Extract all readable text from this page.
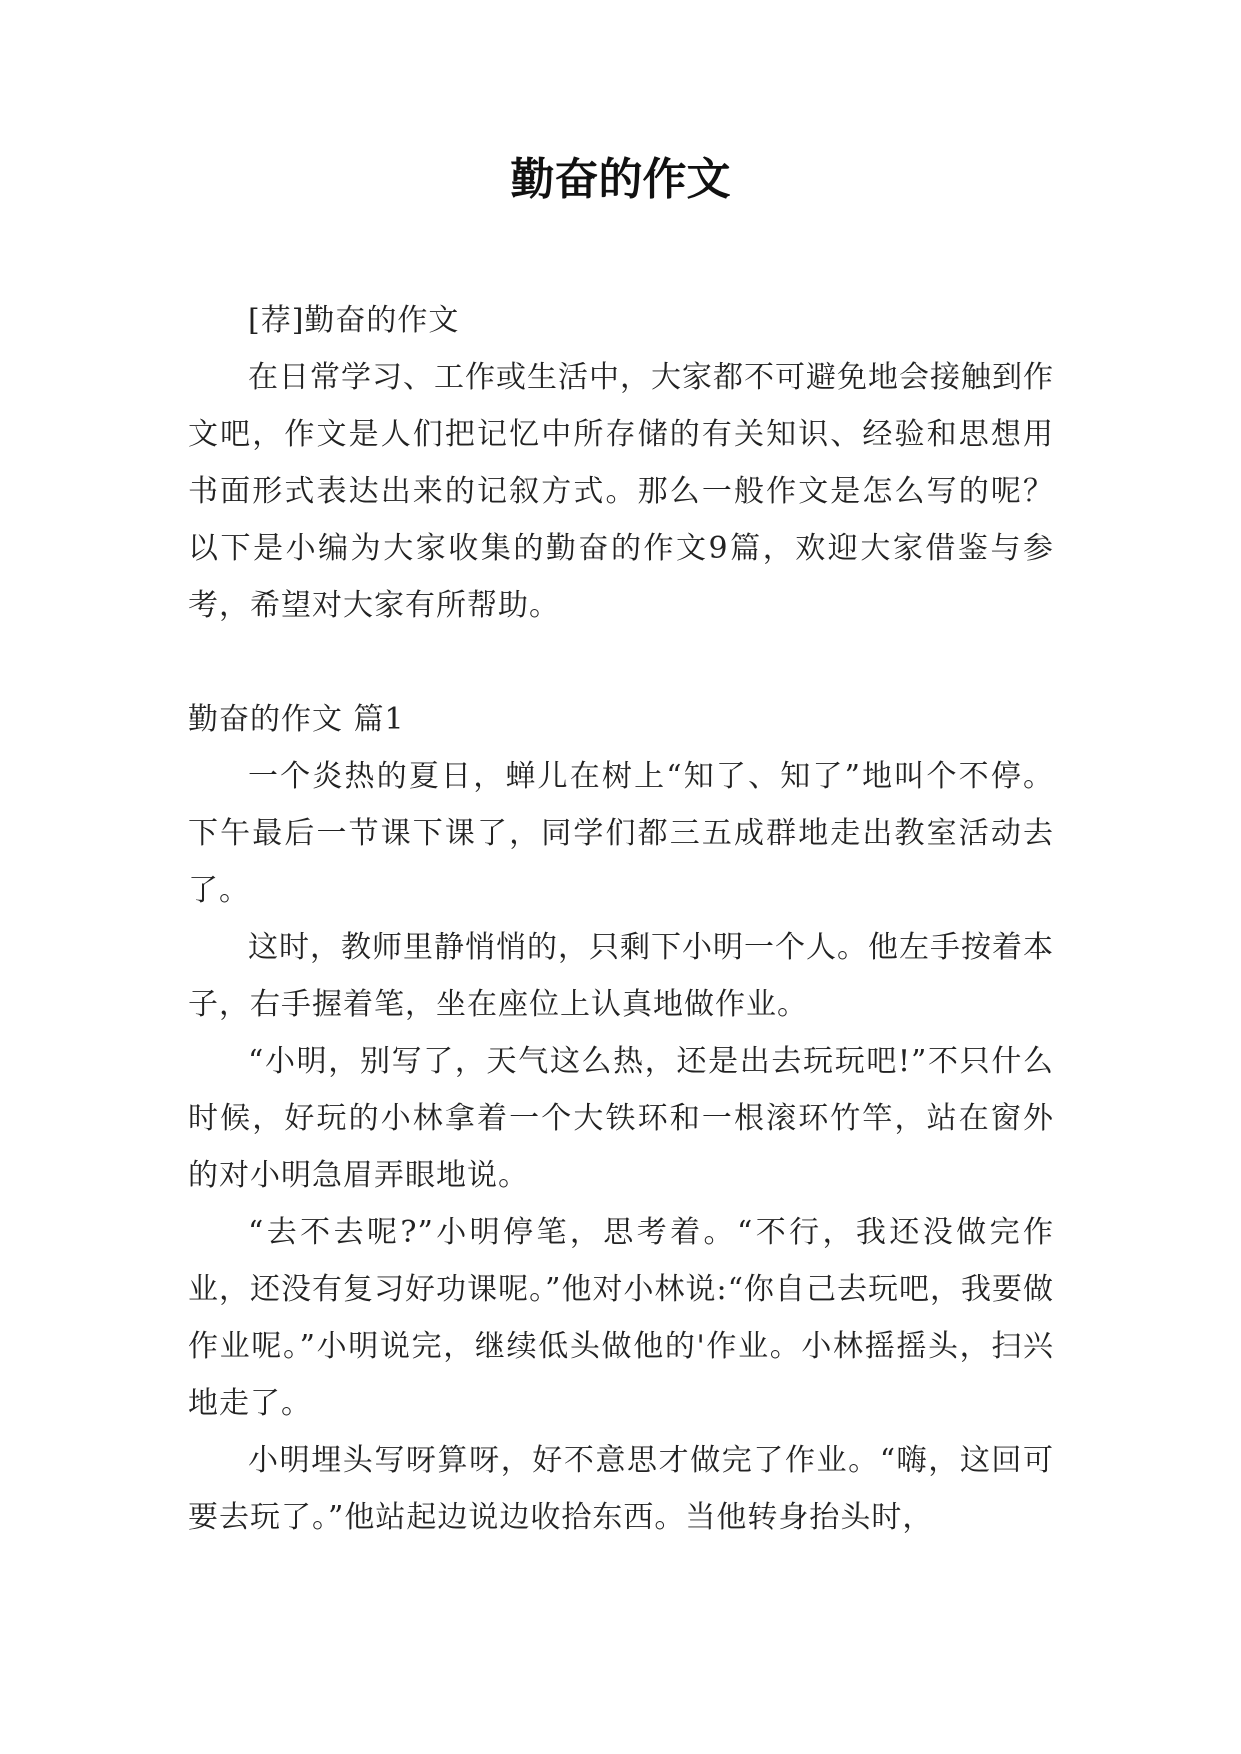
勤奋的作文

[荐]勤奋的作文

在日常学习、工作或生活中，大家都不可避免地会接触到作文吧，作文是人们把记忆中所存储的有关知识、经验和思想用书面形式表达出来的记叙方式。那么一般作文是怎么写的呢？以下是小编为大家收集的勤奋的作文9篇，欢迎大家借鉴与参考，希望对大家有所帮助。

勤奋的作文 篇1

一个炎热的夏日，蝉儿在树上“知了、知了”地叫个不停。下午最后一节课下课了，同学们都三五成群地走出教室活动去了。

这时，教师里静悄悄的，只剩下小明一个人。他左手按着本子，右手握着笔，坐在座位上认真地做作业。

“小明，别写了，天气这么热，还是出去玩玩吧!”不只什么时候，好玩的小林拿着一个大铁环和一根滚环竹竿，站在窗外的对小明急眉弄眼地说。

“去不去呢?”小明停笔，思考着。“不行，我还没做完作业，还没有复习好功课呢。”他对小林说:“你自己去玩吧，我要做作业呢。”小明说完，继续低头做他的'作业。小林摇摇头，扫兴地走了。

小明埋头写呀算呀，好不意思才做完了作业。“嗨，这回可要去玩了。”他站起边说边收拾东西。当他转身抬头时，
